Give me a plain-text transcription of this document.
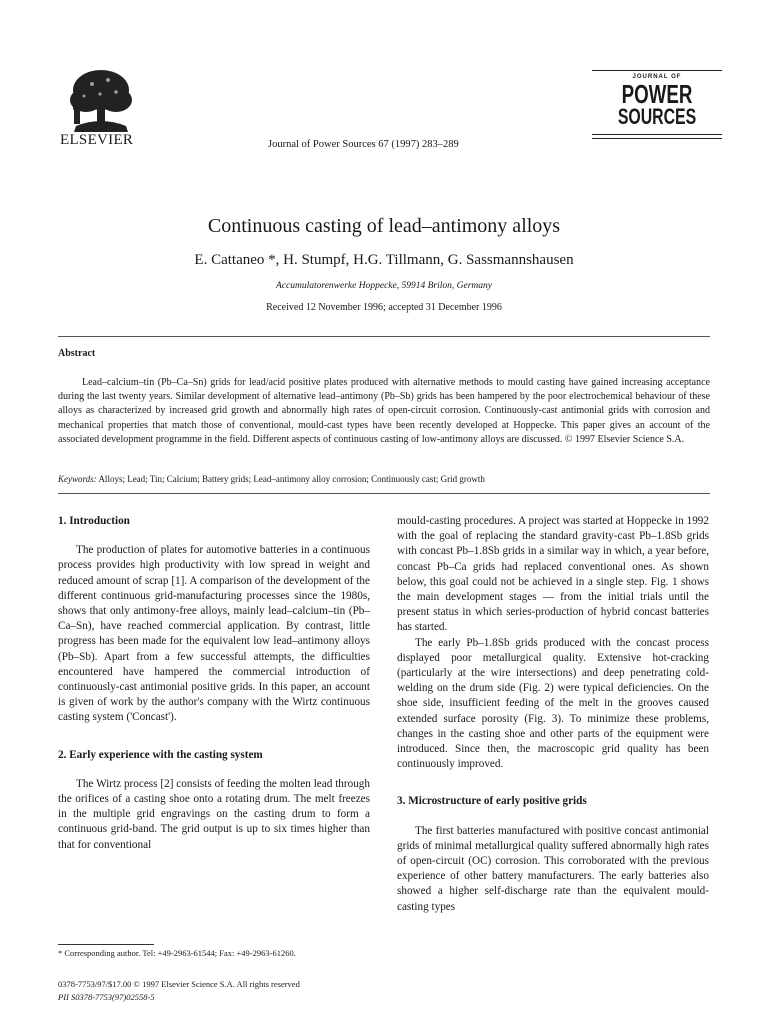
ELSEVIER	Journal of Power Sources 67 (1997) 283–289
JOURNAL OF
POWER
SOURCES
Continuous casting of lead–antimony alloys
E. Cattaneo *, H. Stumpf, H.G. Tillmann, G. Sassmannshausen
Accumulatorenwerke Hoppecke, 59914 Brilon, Germany
Received 12 November 1996; accepted 31 December 1996
Abstract

Lead–calcium–tin (Pb–Ca–Sn) grids for lead/acid positive plates produced with alternative methods to mould casting have gained increasing acceptance during the last twenty years. Similar development of alternative lead–antimony (Pb–Sb) grids has been hampered by the poor electrochemical behaviour of these alloys as characterized by increased grid growth and abnormally high rates of open-circuit corrosion. Continuously-cast antimonial grids with corrosion and mechanical properties that match those of conventional, mould-cast types have been recently developed at Hoppecke. This paper gives an account of the associated development programme in the field. Different aspects of continuous casting of low-antimony alloys are discussed. © 1997 Elsevier Science S.A.

Keywords: Alloys; Lead; Tin; Calcium; Battery grids; Lead–antimony alloy corrosion; Continuously cast; Grid growth
1. Introduction

The production of plates for automotive batteries in a continuous process provides high productivity with low spread in weight and reduced amount of scrap [1]. A comparison of the development of the different continuous grid-manufacturing processes since the 1980s, shows that only antimony-free alloys, mainly lead–calcium–tin (Pb–Ca–Sn), have reached commercial application. By contrast, little progress has been made for the equivalent low lead–antimony alloys (Pb–Sb). Apart from a few successful attempts, the difficulties encountered have hampered the commercial introduction of continuously-cast antimonial positive grids. In this paper, an account is given of work by the author's company with the Wirtz continuous casting system ('Concast').

2. Early experience with the casting system

The Wirtz process [2] consists of feeding the molten lead through the orifices of a casting shoe onto a rotating drum. The melt freezes in the multiple grid engravings on the casting drum to form a continuous grid-band. The grid output is up to six times higher than that for conventional

mould-casting procedures. A project was started at Hoppecke in 1992 with the goal of replacing the standard gravity-cast Pb–1.8Sb grids with concast Pb–1.8Sb grids in a similar way in which, a year before, concast Pb–Ca grids had replaced conventional ones. As shown below, this goal could not be achieved in a single step. Fig. 1 shows the main development stages — from the initial trials until the present status in which series-production of hybrid concast batteries has started.

The early Pb–1.8Sb grids produced with the concast process displayed poor metallurgical quality. Extensive hot-cracking (particularly at the wire intersections) and deep penetrating cold-welding on the drum side (Fig. 2) were typical deficiencies. On the shoe side, insufficient feeding of the melt in the grooves caused extended surface porosity (Fig. 3). To minimize these problems, changes in the casting shoe and other parts of the equipment were introduced. Since then, the macroscopic grid quality has been continuously improved.

3. Microstructure of early positive grids

The first batteries manufactured with positive concast antimonial grids of minimal metallurgical quality suffered abnormally high rates of open-circuit (OC) corrosion. This corroborated with the previous experience of other battery manufacturers. The early batteries also showed a higher self-discharge rate than the equivalent mould-casting types

* Corresponding author. Tel: +49-2963-61544; Fax: +49-2963-61260.
0378-7753/97/$17.00 © 1997 Elsevier Science S.A. All rights reserved
PII S0378-7753(97)02558-5
